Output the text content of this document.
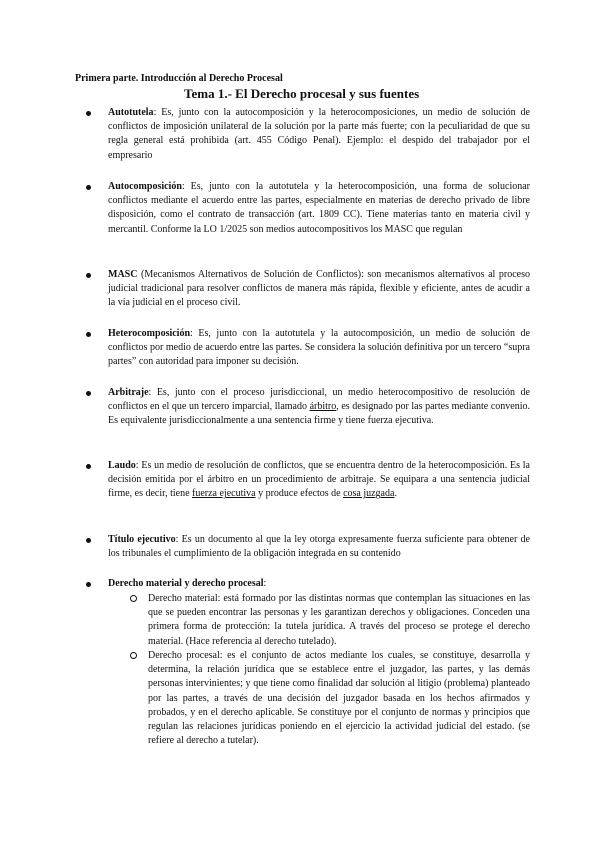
Primera parte. Introducción al Derecho Procesal
Tema 1.- El Derecho procesal y sus fuentes
Autotutela: Es, junto con la autocomposición y la heterocomposiciones, un medio de solución de conflictos de imposición unilateral de la solución por la parte más fuerte; con la peculiaridad de que su regla general está prohibida (art. 455 Código Penal). Ejemplo: el despido del trabajador por el empresario
Autocomposición: Es, junto con la autotutela y la heterocomposición, una forma de solucionar conflictos mediante el acuerdo entre las partes, especialmente en materias de derecho privado de libre disposición, como el contrato de transacción (art. 1809 CC). Tiene materias tanto en materia civil y mercantil. Conforme la LO 1/2025 son medios autocompositivos los MASC que regulan
MASC (Mecanismos Alternativos de Solución de Conflictos): son mecanismos alternativos al proceso judicial tradicional para resolver conflictos de manera más rápida, flexible y eficiente, antes de acudir a la vía judicial en el proceso civil.
Heterocomposición: Es, junto con la autotutela y la autocomposición, un medio de solución de conflictos por medio de acuerdo entre las partes. Se considera la solución definitiva por un tercero “supra partes” con autoridad para imponer su decisión.
Arbitraje: Es, junto con el proceso jurisdiccional, un medio heterocompositivo de resolución de conflictos en el que un tercero imparcial, llamado árbitro, es designado por las partes mediante convenio. Es equivalente jurisdiccionalmente a una sentencia firme y tiene fuerza ejecutiva.
Laudo: Es un medio de resolución de conflictos, que se encuentra dentro de la heterocomposición. Es la decisión emitida por el árbitro en un procedimiento de arbitraje. Se equipara a una sentencia judicial firme, es decir, tiene fuerza ejecutiva y produce efectos de cosa juzgada.
Título ejecutivo: Es un documento al que la ley otorga expresamente fuerza suficiente para obtener de los tribunales el cumplimiento de la obligación integrada en su contenido
Derecho material y derecho procesal:
Derecho material: está formado por las distintas normas que contemplan las situaciones en las que se pueden encontrar las personas y les garantizan derechos y obligaciones. Conceden una primera forma de protección: la tutela jurídica. A través del proceso se protege el derecho material. (Hace referencia al derecho tutelado).
Derecho procesal: es el conjunto de actos mediante los cuales, se constituye, desarrolla y determina, la relación jurídica que se establece entre el juzgador, las partes, y las demás personas intervinientes; y que tiene como finalidad dar solución al litigio (problema) planteado por las partes, a través de una decisión del juzgador basada en los hechos afirmados y probados, y en el derecho aplicable. Se constituye por el conjunto de normas y principios que regulan las relaciones jurídicas poniendo en el ejercicio la actividad judicial del estado. (se refiere al derecho a tutelar).
